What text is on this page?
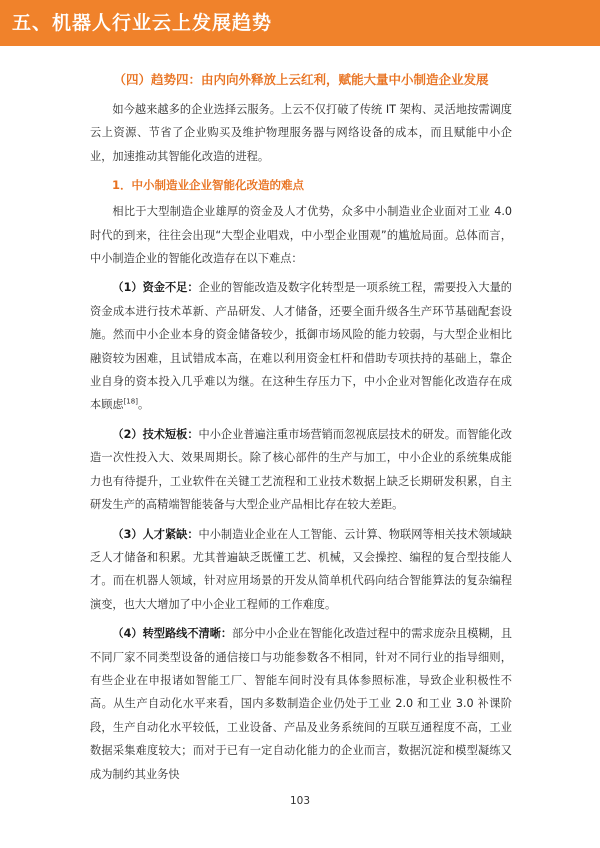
五、机器人行业云上发展趋势
（四）趋势四：由内向外释放上云红利，赋能大量中小制造企业发展

如今越来越多的企业选择云服务。上云不仅打破了传统 IT 架构、灵活地按需调度云上资源、节省了企业购买及维护物理服务器与网络设备的成本，而且赋能中小企业，加速推动其智能化改造的进程。

1．中小制造业企业智能化改造的难点

相比于大型制造企业雄厚的资金及人才优势，众多中小制造业企业面对工业 4.0 时代的到来，往往会出现“大型企业唱戏，中小型企业围观”的尴尬局面。总体而言，中小制造企业的智能化改造存在以下难点：

（1）资金不足：企业的智能改造及数字化转型是一项系统工程，需要投入大量的资金成本进行技术革新、产品研发、人才储备，还要全面升级各生产环节基础配套设施。然而中小企业本身的资金储备较少，抵御市场风险的能力较弱，与大型企业相比融资较为困难，且试错成本高，在难以利用资金杠杆和借助专项扶持的基础上，靠企业自身的资本投入几乎难以为继。在这种生存压力下，中小企业对智能化改造存在成本顾虑[18]。

（2）技术短板：中小企业普遍注重市场营销而忽视底层技术的研发。而智能化改造一次性投入大、效果周期长。除了核心部件的生产与加工，中小企业的系统集成能力也有待提升，工业软件在关键工艺流程和工业技术数据上缺乏长期研发积累，自主研发生产的高精端智能装备与大型企业产品相比存在较大差距。

（3）人才紧缺：中小制造业企业在人工智能、云计算、物联网等相关技术领域缺乏人才储备和积累。尤其普遍缺乏既懂工艺、机械，又会操控、编程的复合型技能人才。而在机器人领域，针对应用场景的开发从简单机代码向结合智能算法的复杂编程演变，也大大增加了中小企业工程师的工作难度。

（4）转型路线不清晰：部分中小企业在智能化改造过程中的需求庞杂且模糊，且不同厂家不同类型设备的通信接口与功能参数各不相同，针对不同行业的指导细则，有些企业在申报诸如智能工厂、智能车间时没有具体参照标准，导致企业积极性不高。从生产自动化水平来看，国内多数制造企业仍处于工业 2.0 和工业 3.0 补课阶段，生产自动化水平较低，工业设备、产品及业务系统间的互联互通程度不高，工业数据采集难度较大；而对于已有一定自动化能力的企业而言，数据沉淀和模型凝练又成为制约其业务快

103
